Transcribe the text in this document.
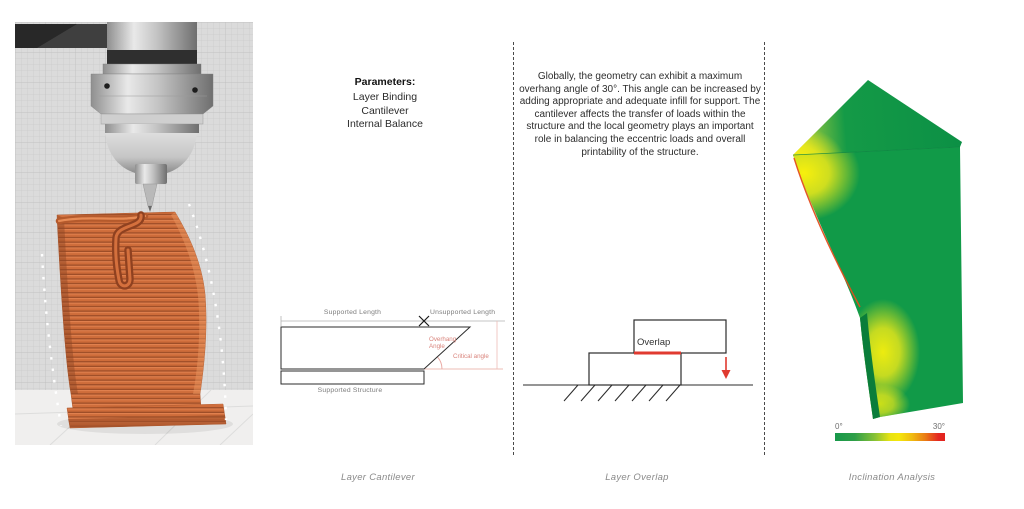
Parameters:
Layer Binding
Cantilever
Internal Balance
Globally, the geometry can exhibit a maximum overhang angle of 30°. This angle can be increased by adding appropriate and adequate infill for support. The cantilever affects the transfer of loads within the structure and the local geometry plays an important role in balancing the eccentric loads and overall printability of the structure.
Supported Length	Unsupported Length
Overhang
Angle
Critical angle
Supported Structure
Layer Cantilever
Overlap
Layer Overlap
0°	30°
Inclination Analysis
